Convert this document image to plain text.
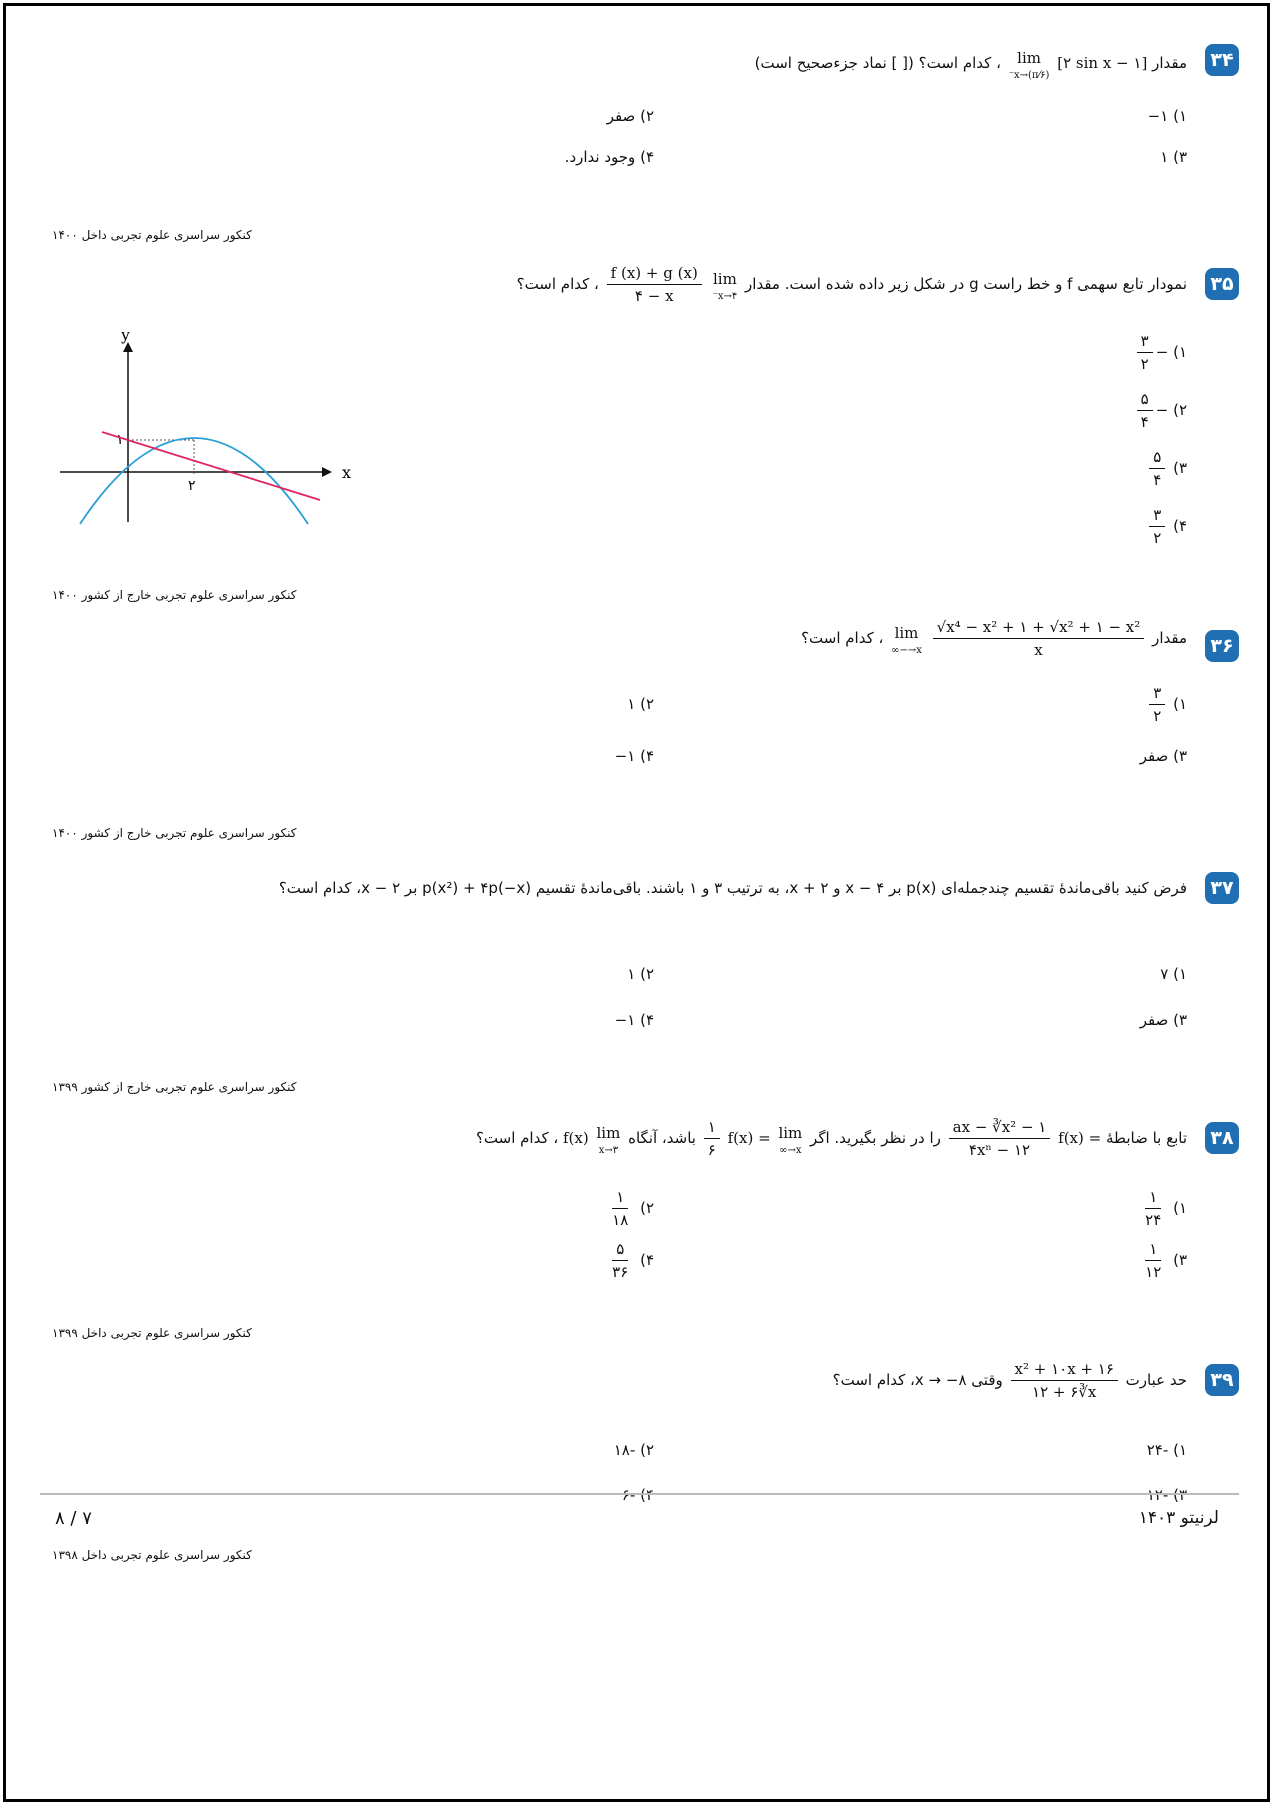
۳۴
مقدار [۲ sin x − ۱]
lim
x→(π⁄۶)⁻
، کدام است؟ ([ ] نماد جزءصحیح است)
۱) −۱
۲) صفر
۳) ۱
۴) وجود ندارد.
کنکور سراسری علوم تجربی داخل ۱۴۰۰
۳۵
نمودار تابع سهمی f و خط راست g در شکل زیر داده شده است. مقدار
lim
x→۴⁻

$\frac{f (x) + g (x)}{۴ - x}$
، کدام است؟
۱) −
$\frac{۳}{۲}$
۲) −
$\frac{۵}{۴}$
۳)
$\frac{۵}{۴}$
۴)
$\frac{۳}{۲}$
x
y
۲
۱
کنکور سراسری علوم تجربی خارج از کشور ۱۴۰۰
۳۶
مقدار
$\frac{\text{√x⁴ − x² + ۱ + √x² + ۱ − x²}}{x}$

lim
x→−∞
، کدام است؟
۱)
$\frac{۳}{۲}$
۲) ۱
۳) صفر
۴) −۱
کنکور سراسری علوم تجربی خارج از کشور ۱۴۰۰
۳۷
فرض کنید باقی‌ماندهٔ تقسیم چندجمله‌ای p(x) بر x − ۴ و x + ۲، به ترتیب ۳ و ۱ باشند. باقی‌ماندهٔ تقسیم p(x²) + ۴p(−x) بر x − ۲، کدام است؟
۱) ۷
۲) ۱
۳) صفر
۴) −۱
کنکور سراسری علوم تجربی خارج از کشور ۱۳۹۹
۳۸
تابع با ضابطهٔ f(x) =
$\frac{\text{ax − ∛x² − ۱}}{\text{۴xⁿ − ۱۲}}$
را در نظر بگیرید. اگر
lim
x→∞
f(x) =
$\frac{۱}{۶}$
باشد، آنگاه
lim
x→۳
f(x) ، کدام است؟
۱)
$\frac{۱}{۲۴}$
۲)
$\frac{۱}{۱۸}$
۳)
$\frac{۱}{۱۲}$
۴)
$\frac{۵}{۳۶}$
کنکور سراسری علوم تجربی داخل ۱۳۹۹
۳۹
حد عبارت
$\frac{\text{x² + ۱۰x + ۱۶}}{۱۲ + ۶∛x}$
وقتی x → −۸، کدام است؟
۱) -۲۴
۲) -۱۸
۳) -۱۲
۴) -۶
کنکور سراسری علوم تجربی داخل ۱۳۹۸
۷ / ۸	لرنیتو ۱۴۰۳
